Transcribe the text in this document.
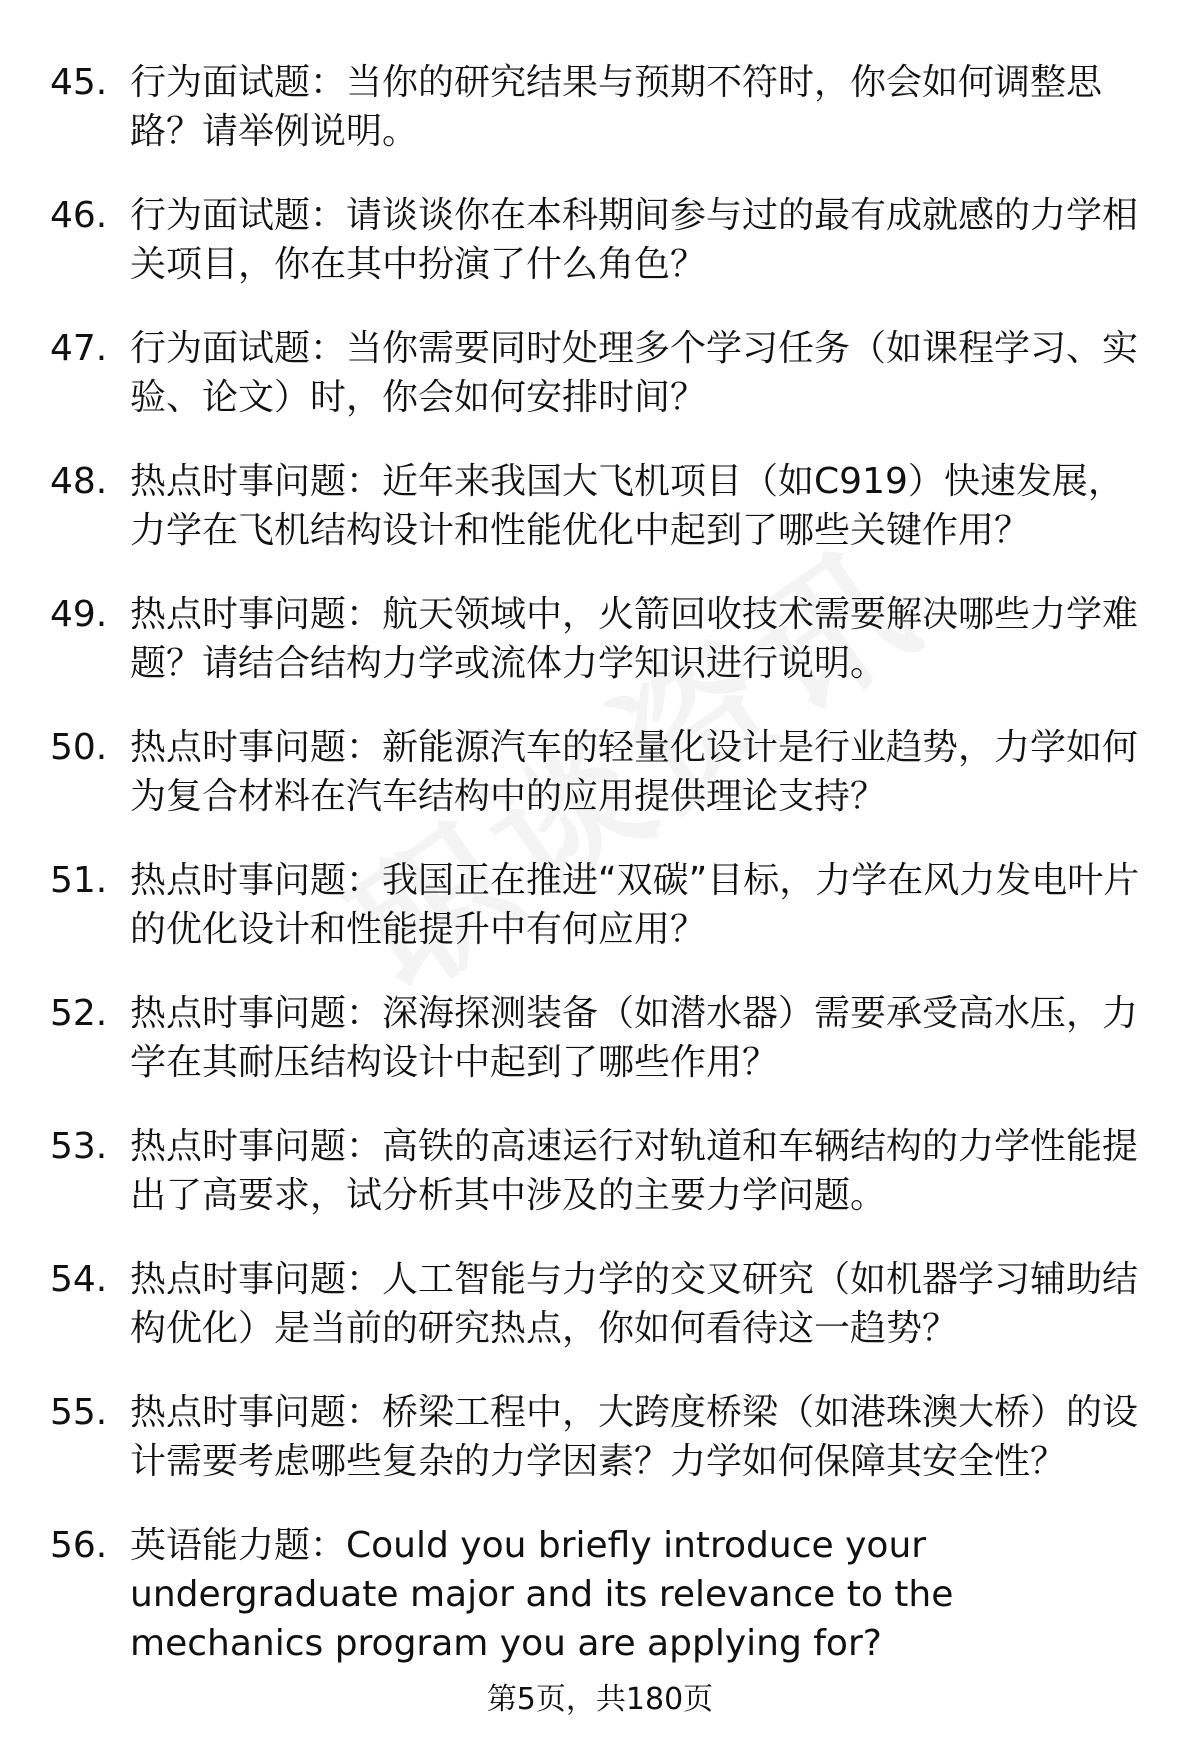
45. 行为面试题：当你的研究结果与预期不符时，你会如何调整思路？请举例说明。
46. 行为面试题：请谈谈你在本科期间参与过的最有成就感的力学相关项目，你在其中扮演了什么角色？
47. 行为面试题：当你需要同时处理多个学习任务（如课程学习、实验、论文）时，你会如何安排时间？
48. 热点时事问题：近年来我国大飞机项目（如C919）快速发展，力学在飞机结构设计和性能优化中起到了哪些关键作用？
49. 热点时事问题：航天领域中，火箭回收技术需要解决哪些力学难题？请结合结构力学或流体力学知识进行说明。
50. 热点时事问题：新能源汽车的轻量化设计是行业趋势，力学如何为复合材料在汽车结构中的应用提供理论支持？
51. 热点时事问题：我国正在推进“双碳”目标，力学在风力发电叶片的优化设计和性能提升中有何应用？
52. 热点时事问题：深海探测装备（如潜水器）需要承受高水压，力学在其耐压结构设计中起到了哪些作用？
53. 热点时事问题：高铁的高速运行对轨道和车辆结构的力学性能提出了高要求，试分析其中涉及的主要力学问题。
54. 热点时事问题：人工智能与力学的交叉研究（如机器学习辅助结构优化）是当前的研究热点，你如何看待这一趋势？
55. 热点时事问题：桥梁工程中，大跨度桥梁（如港珠澳大桥）的设计需要考虑哪些复杂的力学因素？力学如何保障其安全性？
56. 英语能力题：Could you briefly introduce your undergraduate major and its relevance to the mechanics program you are applying for?
第5页，共180页
